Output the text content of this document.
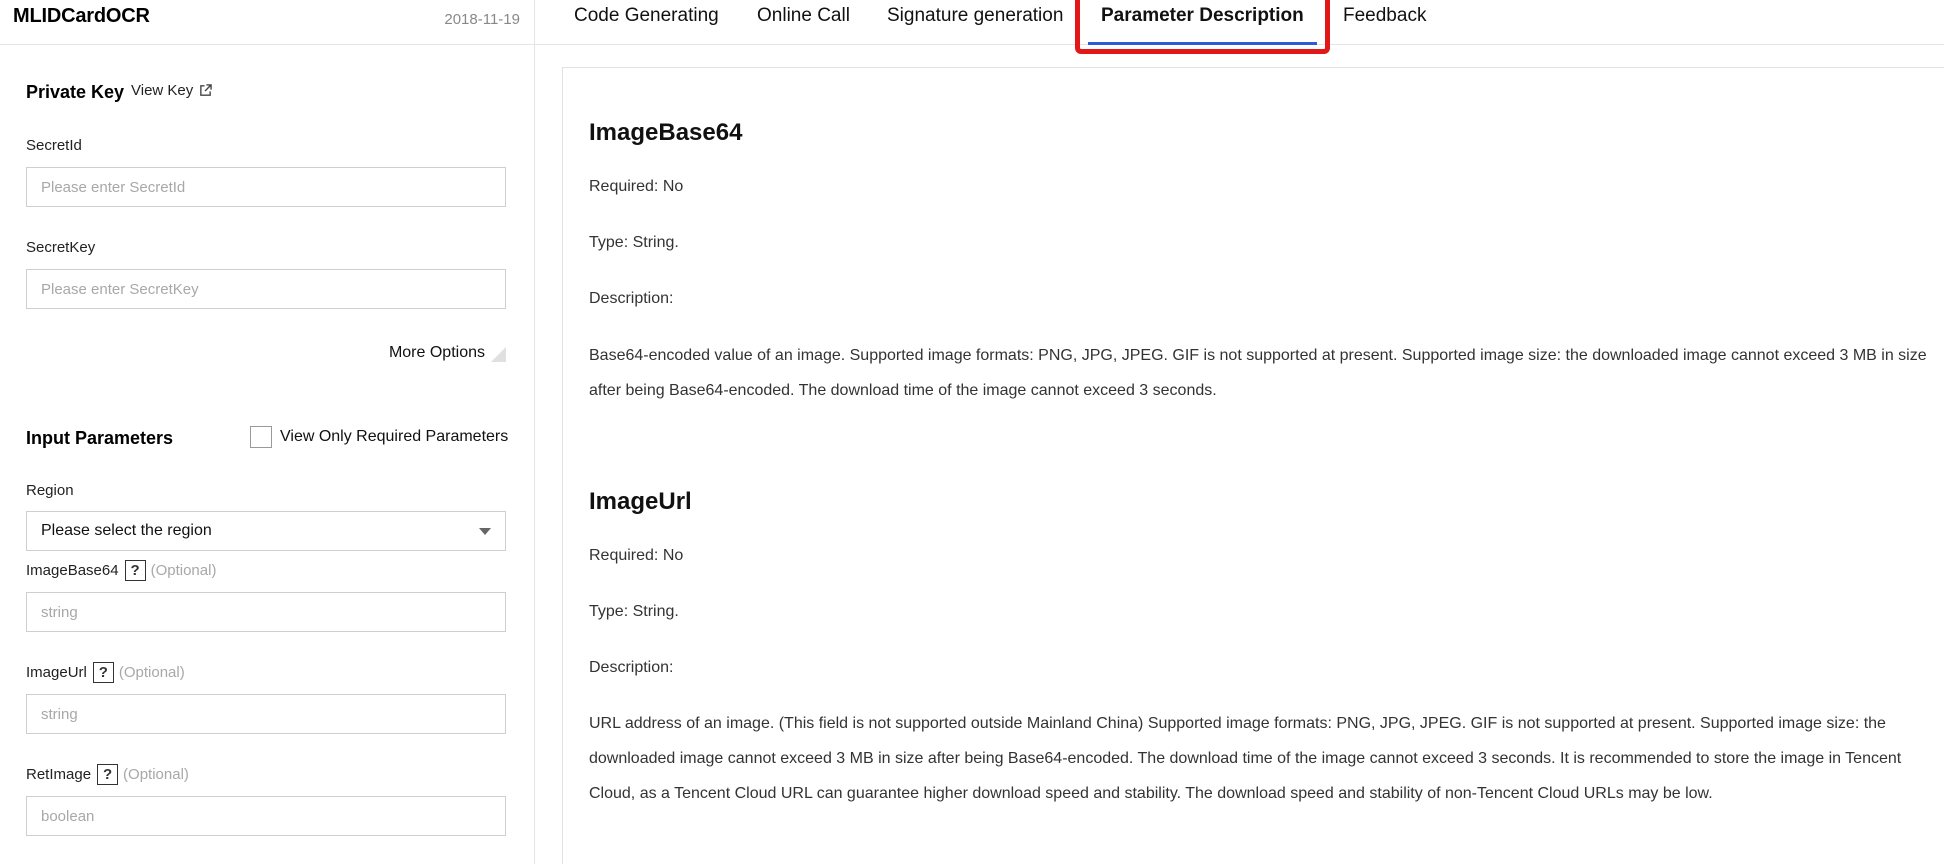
MLIDCardOCR	2018-11-19
Private Key View Key
SecretId
Please enter SecretId
SecretKey
Please enter SecretKey
More Options
Input Parameters	View Only Required Parameters
Region
Please select the region
ImageBase64 ? (Optional)
string
ImageUrl ? (Optional)
string
RetImage ? (Optional)
boolean
Code Generating Online Call Signature generation Parameter Description Feedback
ImageBase64
Required: No
Type: String.
Description:
Base64-encoded value of an image. Supported image formats: PNG, JPG, JPEG. GIF is not supported at present. Supported image size: the downloaded image cannot exceed 3 MB in size after being Base64-encoded. The download time of the image cannot exceed 3 seconds.
ImageUrl
Required: No
Type: String.
Description:
URL address of an image. (This field is not supported outside Mainland China) Supported image formats: PNG, JPG, JPEG. GIF is not supported at present. Supported image size: the downloaded image cannot exceed 3 MB in size after being Base64-encoded. The download time of the image cannot exceed 3 seconds. It is recommended to store the image in Tencent Cloud, as a Tencent Cloud URL can guarantee higher download speed and stability. The download speed and stability of non-Tencent Cloud URLs may be low.
